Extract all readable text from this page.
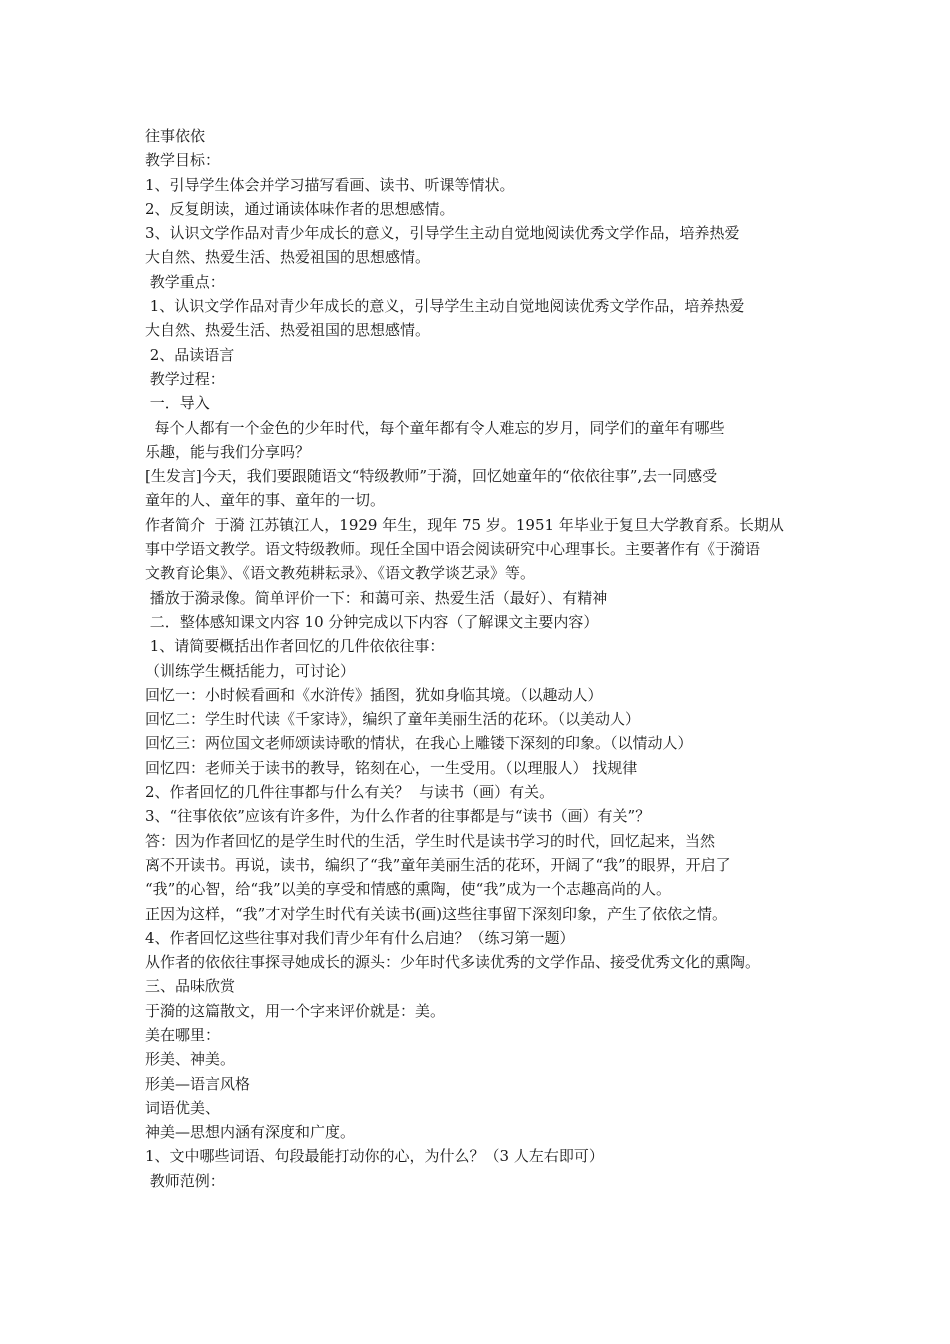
往事依依

教学目标：

1、引导学生体会并学习描写看画、读书、听课等情状。

2、反复朗读，通过诵读体味作者的思想感情。

3、认识文学作品对青少年成长的意义，引导学生主动自觉地阅读优秀文学作品，培养热爱

大自然、热爱生活、热爱祖国的思想感情。

教学重点：

1、认识文学作品对青少年成长的意义，引导学生主动自觉地阅读优秀文学作品，培养热爱

大自然、热爱生活、热爱祖国的思想感情。

2、品读语言

教学过程：

一．导入

每个人都有一个金色的少年时代，每个童年都有令人难忘的岁月，同学们的童年有哪些

乐趣，能与我们分享吗？

[生发言]今天，我们要跟随语文“特级教师”于漪，回忆她童年的“依依往事”,去一同感受

童年的人、童年的事、童年的一切。

作者简介  于漪 江苏镇江人，1929 年生，现年 75 岁。1951 年毕业于复旦大学教育系。长期从

事中学语文教学。语文特级教师。现任全国中语会阅读研究中心理事长。主要著作有《于漪语

文教育论集》、《语文教苑耕耘录》、《语文教学谈艺录》等。

播放于漪录像。简单评价一下：和蔼可亲、热爱生活（最好）、有精神

二．整体感知课文内容 10 分钟完成以下内容（了解课文主要内容）

1、请简要概括出作者回忆的几件依依往事：

（训练学生概括能力，可讨论）

回忆一：小时候看画和《水浒传》插图，犹如身临其境。（以趣动人）

回忆二：学生时代读《千家诗》，编织了童年美丽生活的花环。（以美动人）

回忆三：两位国文老师颂读诗歌的情状，在我心上雕镂下深刻的印象。（以情动人）

回忆四：老师关于读书的教导，铭刻在心，一生受用。（以理服人） 找规律

2、作者回忆的几件往事都与什么有关？  与读书（画）有关。

3、“往事依依”应该有许多件，为什么作者的往事都是与“读书（画）有关”？

答：因为作者回忆的是学生时代的生活，学生时代是读书学习的时代，回忆起来，当然

离不开读书。再说，读书，编织了“我”童年美丽生活的花环，开阔了“我”的眼界，开启了

“我”的心智，给“我”以美的享受和情感的熏陶，使“我”成为一个志趣高尚的人。

正因为这样，“我”才对学生时代有关读书(画)这些往事留下深刻印象，产生了依依之情。

4、作者回忆这些往事对我们青少年有什么启迪？（练习第一题）

从作者的依依往事探寻她成长的源头：少年时代多读优秀的文学作品、接受优秀文化的熏陶。

三、品味欣赏

于漪的这篇散文，用一个字来评价就是：美。

美在哪里：

形美、神美。

形美—语言风格

词语优美、

神美—思想内涵有深度和广度。

1、文中哪些词语、句段最能打动你的心，为什么？（3 人左右即可）

教师范例：
